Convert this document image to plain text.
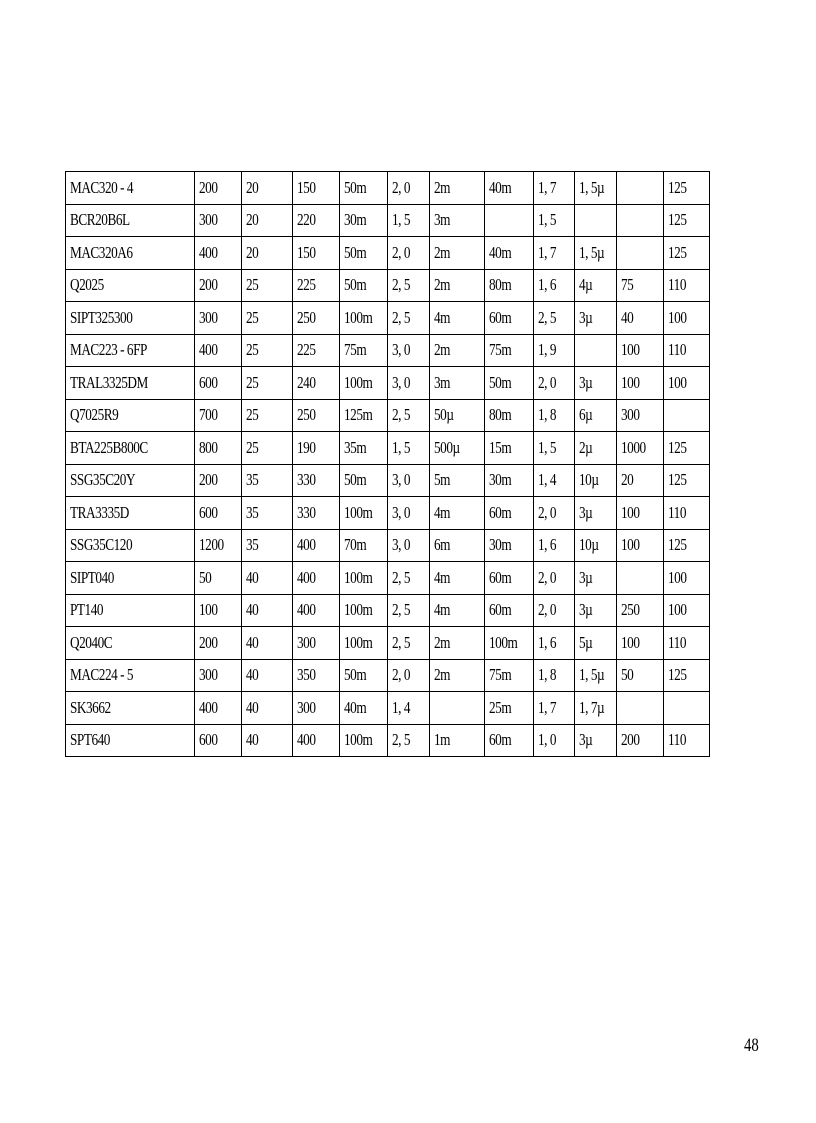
MAC320 - 4	200	20	150	50m	2, 0	2m	40m	1, 7	1, 5µ		125
BCR20B6L	300	20	220	30m	1, 5	3m		1, 5			125
MAC320A6	400	20	150	50m	2, 0	2m	40m	1, 7	1, 5µ		125
Q2025	200	25	225	50m	2, 5	2m	80m	1, 6	4µ	75	110
SIPT325300	300	25	250	100m	2, 5	4m	60m	2, 5	3µ	40	100
MAC223 - 6FP	400	25	225	75m	3, 0	2m	75m	1, 9		100	110
TRAL3325DM	600	25	240	100m	3, 0	3m	50m	2, 0	3µ	100	100
Q7025R9	700	25	250	125m	2, 5	50µ	80m	1, 8	6µ	300	
BTA225B800C	800	25	190	35m	1, 5	500µ	15m	1, 5	2µ	1000	125
SSG35C20Y	200	35	330	50m	3, 0	5m	30m	1, 4	10µ	20	125
TRA3335D	600	35	330	100m	3, 0	4m	60m	2, 0	3µ	100	110
SSG35C120	1200	35	400	70m	3, 0	6m	30m	1, 6	10µ	100	125
SIPT040	50	40	400	100m	2, 5	4m	60m	2, 0	3µ		100
PT140	100	40	400	100m	2, 5	4m	60m	2, 0	3µ	250	100
Q2040C	200	40	300	100m	2, 5	2m	100m	1, 6	5µ	100	110
MAC224 - 5	300	40	350	50m	2, 0	2m	75m	1, 8	1, 5µ	50	125
SK3662	400	40	300	40m	1, 4		25m	1, 7	1, 7µ		
SPT640	600	40	400	100m	2, 5	1m	60m	1, 0	3µ	200	110
48
